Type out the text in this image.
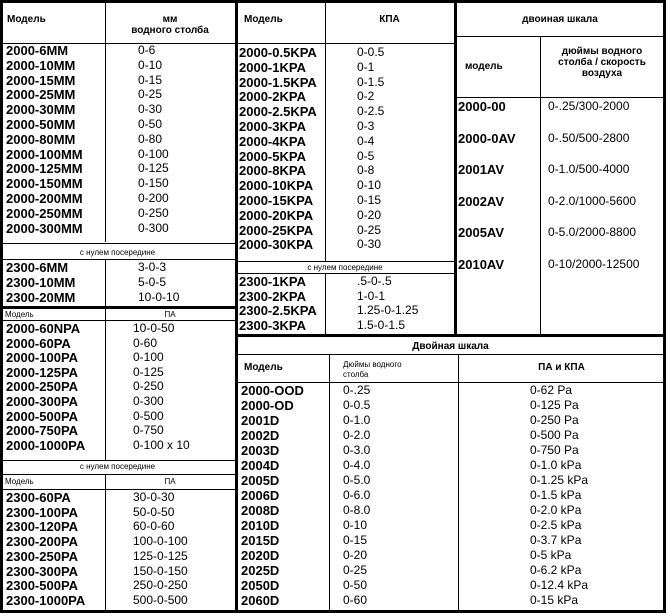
Модель	мм
водного столба
2000-6MM	0-6
2000-10MM	0-10
2000-15MM	0-15
2000-25MM	0-25
2000-30MM	0-30
2000-50MM	0-50
2000-80MM	0-80
2000-100MM	0-100
2000-125MM	0-125
2000-150MM	0-150
2000-200MM	0-200
2000-250MM	0-250
2000-300MM	0-300
с нулем посередине
2300-6MM	3-0-3
2300-10MM	5-0-5
2300-20MM	10-0-10
Модель	КПА
2000-0.5KPA	0-0.5
2000-1KPA	0-1
2000-1.5KPA	0-1.5
2000-2KPA	0-2
2000-2.5KPA	0-2.5
2000-3KPA	0-3
2000-4KPA	0-4
2000-5KPA	0-5
2000-8KPA	0-8
2000-10KPA	0-10
2000-15KPA	0-15
2000-20KPA	0-20
2000-25KPA	0-25
2000-30KPA	0-30
с нулем посередине
2300-1KPA	.5-0-.5
2300-2KPA	1-0-1
2300-2.5KPA	1.25-0-1.25
2300-3KPA	1.5-0-1.5
двоиная шкала
модель
дюймы водного
столба / скорость
воздуха
2000-00	0-.25/300-2000
2000-0AV	0-.50/500-2800
2001AV	0-1.0/500-4000
2002AV	0-2.0/1000-5600
2005AV	0-5.0/2000-8800
2010AV	0-10/2000-12500
Модель	ПА
2000-60NPA	10-0-50
2000-60PA	0-60
2000-100PA	0-100
2000-125PA	0-125
2000-250PA	0-250
2000-300PA	0-300
2000-500PA	0-500
2000-750PA	0-750
2000-1000PA	0-100 x 10
с нулем посередине
Модель	ПА
2300-60PA	30-0-30
2300-100PA	50-0-50
2300-120PA	60-0-60
2300-200PA	100-0-100
2300-250PA	125-0-125
2300-300PA	150-0-150
2300-500PA	250-0-250
2300-1000PA	500-0-500
Двойная шкала
Модель	Дюймы водного
столба
ПА и КПА
2000-OOD	0-.25	0-62 Pa
2000-OD	0-0.5	0-125 Pa
2001D	0-1.0	0-250 Pa
2002D	0-2.0	0-500 Pa
2003D	0-3.0	0-750 Pa
2004D	0-4.0	0-1.0 kPa
2005D	0-5.0	0-1.25 kPa
2006D	0-6.0	0-1.5 kPa
2008D	0-8.0	0-2.0 kPa
2010D	0-10	0-2.5 kPa
2015D	0-15	0-3.7 kPa
2020D	0-20	0-5 kPa
2025D	0-25	0-6.2 kPa
2050D	0-50	0-12.4 kPa
2060D	0-60	0-15 kPa
